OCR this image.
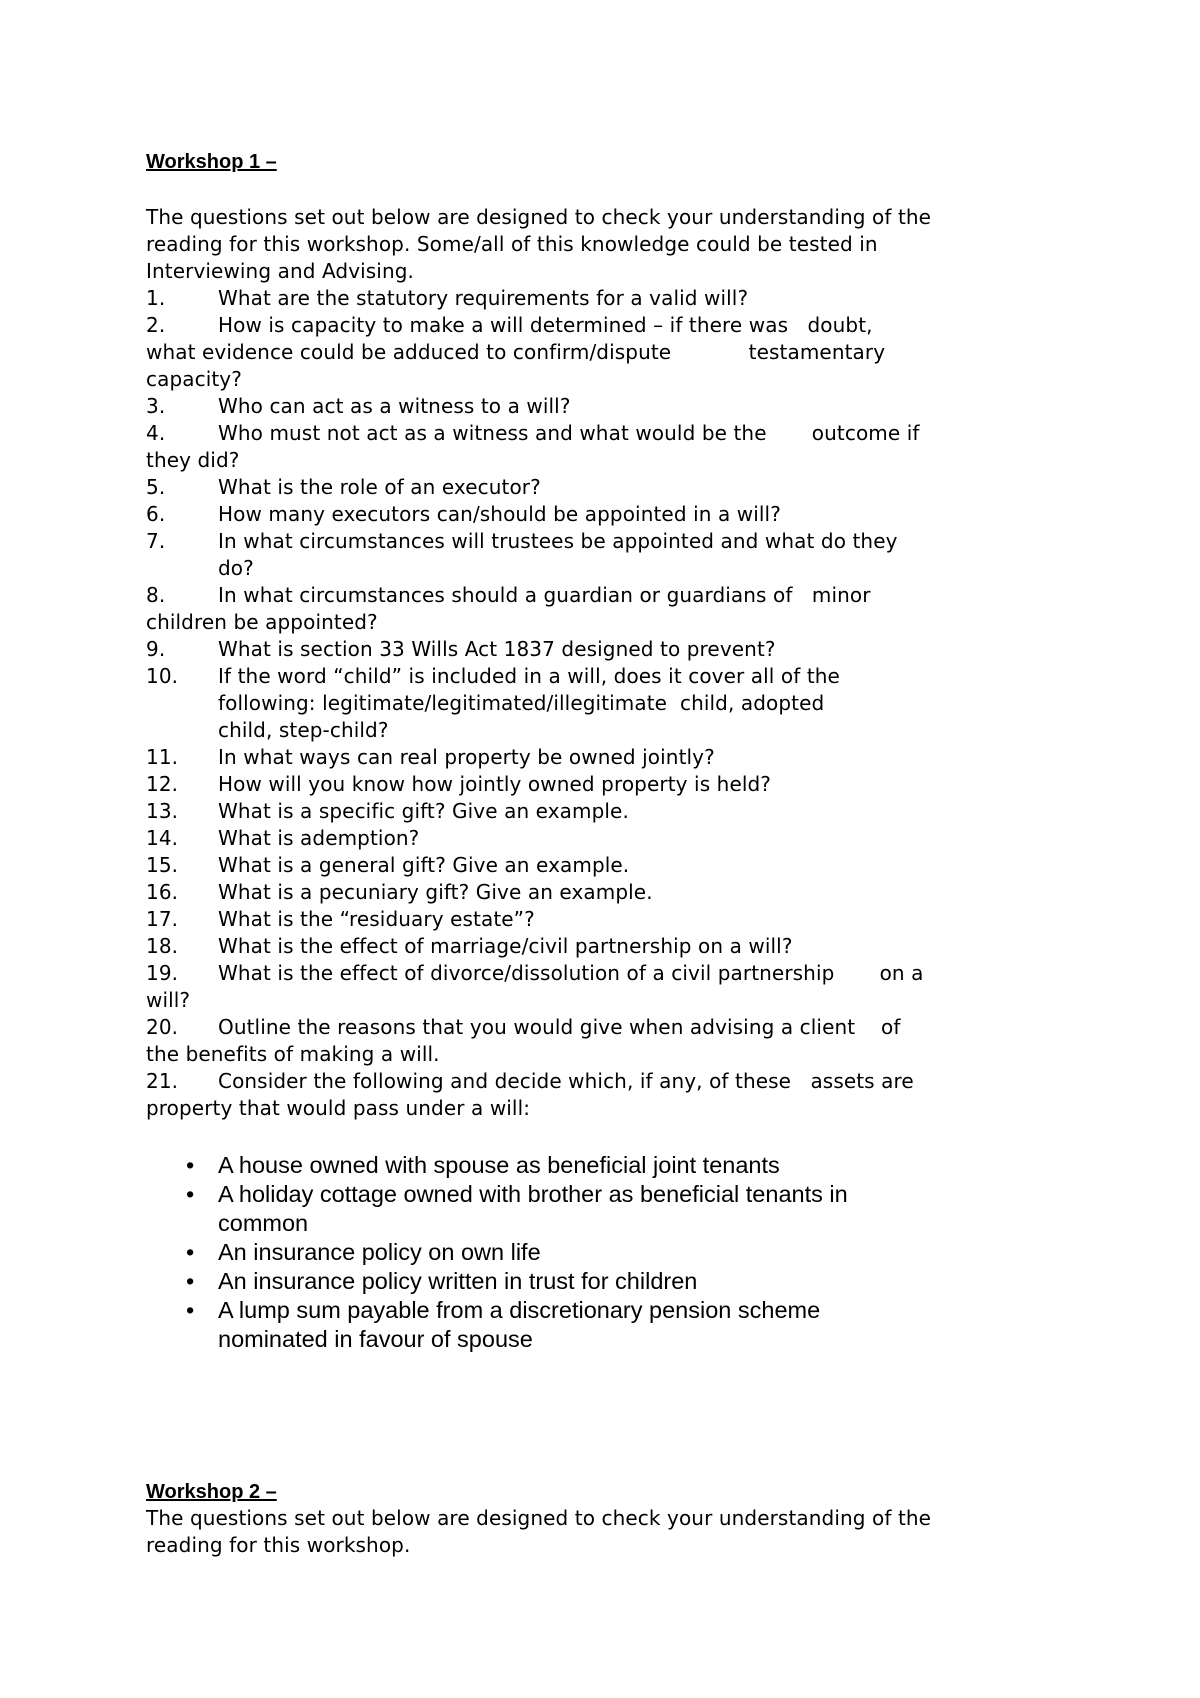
Workshop 1 –

The questions set out below are designed to check your understanding of the

reading for this workshop. Some/all of this knowledge could be tested in

Interviewing and Advising.

1.	What are the statutory requirements for a valid will?
2.	How is capacity to make a will determined – if there was   doubt,
what evidence could be adduced to confirm/dispute            testamentary
capacity?
3.	Who can act as a witness to a will?
4.	Who must not act as a witness and what would be the       outcome if
they did?
5.	What is the role of an executor?
6.	How many executors can/should be appointed in a will?
7.	In what circumstances will trustees be appointed and what do they
do?
8.	In what circumstances should a guardian or guardians of   minor
children be appointed?
9.	What is section 33 Wills Act 1837 designed to prevent?
10. If the word “child” is included in a will, does it cover all of the
following: legitimate/legitimated/illegitimate  child, adopted
child, step-child?
11. In what ways can real property be owned jointly?
12. How will you know how jointly owned property is held?
13. What is a specific gift? Give an example.
14. What is ademption?
15. What is a general gift? Give an example.
16. What is a pecuniary gift? Give an example.
17. What is the “residuary estate”?
18. What is the effect of marriage/civil partnership on a will?
19. What is the effect of divorce/dissolution of a civil partnership       on a
will?
20. Outline the reasons that you would give when advising a client    of
the benefits of making a will.
21. Consider the following and decide which, if any, of these   assets are
property that would pass under a will:
•	A house owned with spouse as beneficial joint tenants
•	A holiday cottage owned with brother as beneficial tenants in
common
•	An insurance policy on own life
•	An insurance policy written in trust for children
•	A lump sum payable from a discretionary pension scheme
nominated in favour of spouse
Workshop 2 –

The questions set out below are designed to check your understanding of the

reading for this workshop.
